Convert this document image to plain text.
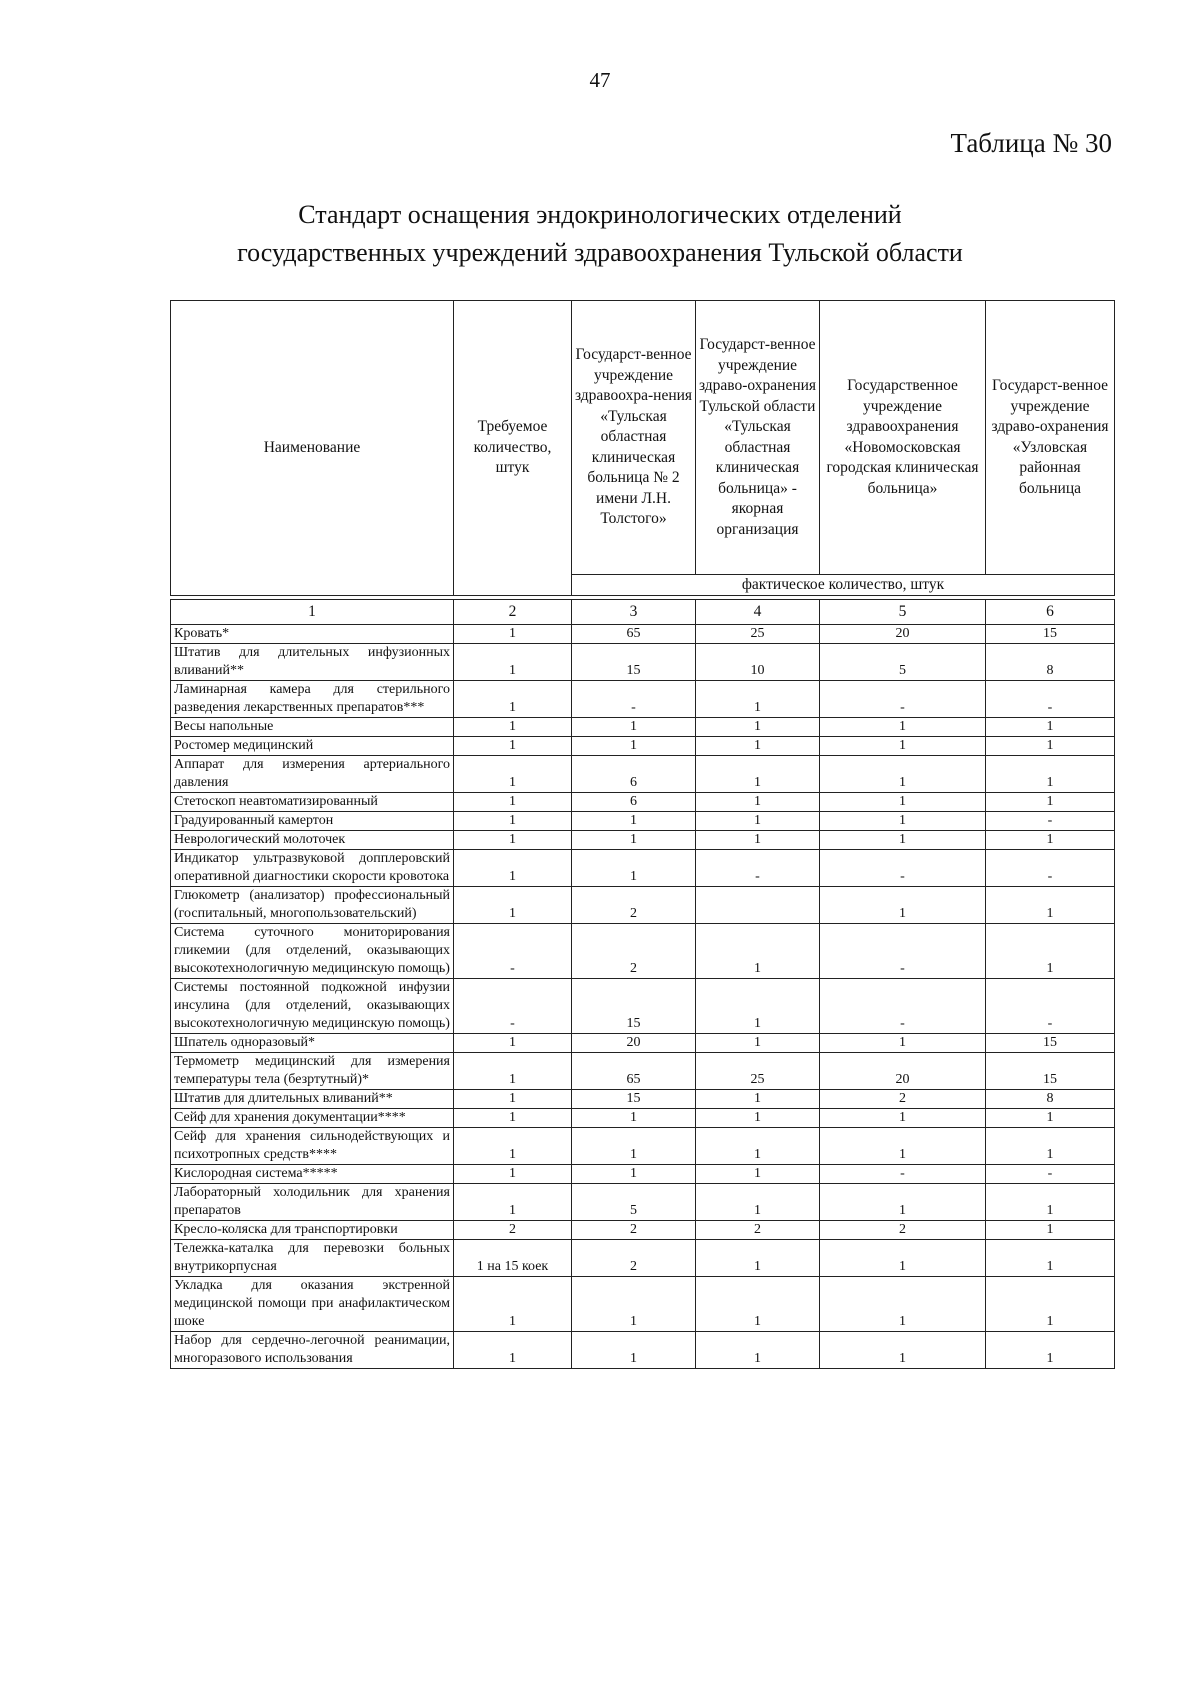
47
Таблица № 30
Стандарт оснащения эндокринологических отделений
государственных учреждений здравоохранения Тульской области
Наименование	Требуемое количество, штук	Государст-венное учреждение здравоохра-нения «Тульская областная клиническая больница № 2 имени Л.Н. Толстого»	Государст-венное учреждение здраво-охранения Тульской области «Тульская областная клиническая больница» - якорная организация	Государственное учреждение здравоохранения «Новомосковская городская клиническая больница»	Государст-венное учреждение здраво-охранения «Узловская районная больница
		фактическое количество, штук			

1	2	3	4	5	6
Кровать*	1	65	25	20	15
Штатив для длительных инфузионных вливаний**	1	15	10	5	8
Ламинарная камера для стерильного разведения лекарственных препаратов***	1	-	1	-	-
Весы напольные	1	1	1	1	1
Ростомер медицинский	1	1	1	1	1
Аппарат для измерения артериального давления	1	6	1	1	1
Стетоскоп неавтоматизированный	1	6	1	1	1
Градуированный камертон	1	1	1	1	-
Неврологический молоточек	1	1	1	1	1
Индикатор ультразвуковой допплеровский оперативной диагностики скорости кровотока	1	1	-	-	-
Глюкометр (анализатор) профессиональный (госпитальный, многопользовательский)	1	2		1	1
Система суточного мониторирования гликемии (для отделений, оказывающих высокотехнологичную медицинскую помощь)	-	2	1	-	1
Системы постоянной подкожной инфузии инсулина (для отделений, оказывающих высокотехнологичную медицинскую помощь)	-	15	1	-	-
Шпатель одноразовый*	1	20	1	1	15
Термометр медицинский для измерения температуры тела (безртутный)*	1	65	25	20	15
Штатив для длительных вливаний**	1	15	1	2	8
Сейф для хранения документации****	1	1	1	1	1
Сейф для хранения сильнодействующих и психотропных средств****	1	1	1	1	1
Кислородная система*****	1	1	1	-	-
Лабораторный холодильник для хранения препаратов	1	5	1	1	1
Кресло-коляска для транспортировки	2	2	2	2	1
Тележка-каталка для перевозки больных внутрикорпусная	1 на 15 коек	2	1	1	1
Укладка для оказания экстренной медицинской помощи при анафилактическом шоке	1	1	1	1	1
Набор для сердечно-легочной реанимации, многоразового использования	1	1	1	1	1
